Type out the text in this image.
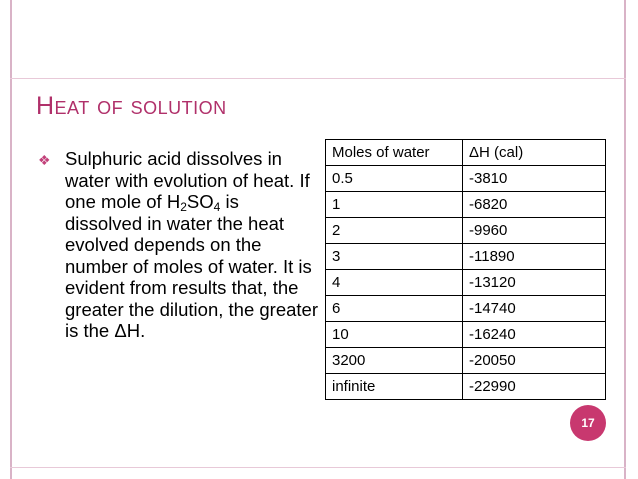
Heat of solution
❖ Sulphuric acid dissolves in water with evolution of heat. If one mole of $H_2SO_4$ is dissolved in water the heat evolved depends on the number of moles of water. It is evident from results that, the greater the dilution, the greater is the ΔH.
Moles of water	ΔH (cal)
0.5	-3810
1	-6820
2	-9960
3	-11890
4	-13120
6	-14740
10	-16240
3200	-20050
infinite	-22990
17
